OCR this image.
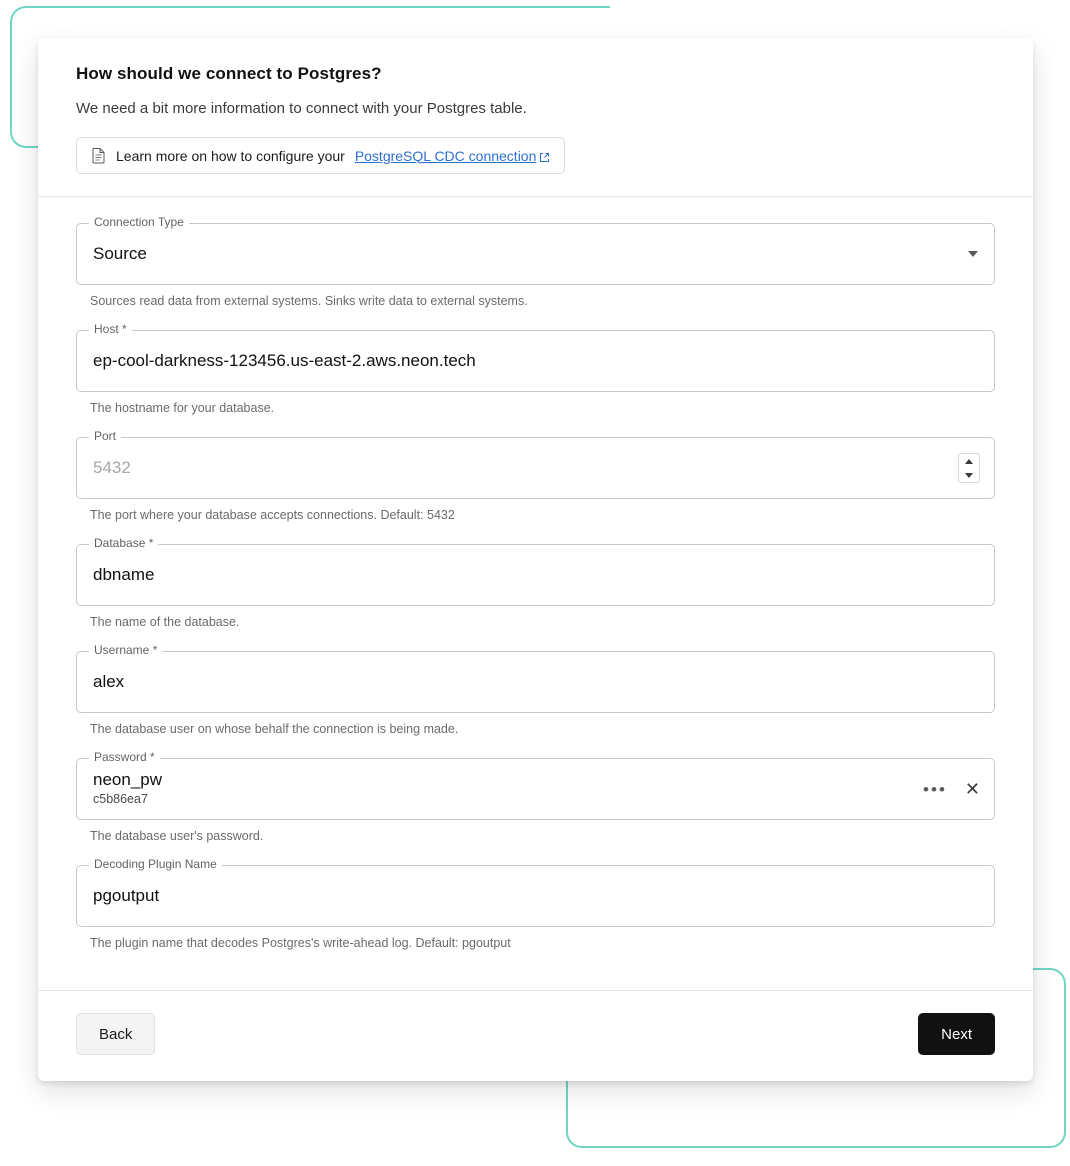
How should we connect to Postgres?

We need a bit more information to connect with your Postgres table.

Learn more on how to configure your PostgreSQL CDC connection
Connection Type
Source
Sources read data from external systems. Sinks write data to external systems.
Host *
ep-cool-darkness-123456.us-east-2.aws.neon.tech
The hostname for your database.
Port
5432
The port where your database accepts connections. Default: 5432
Database *
dbname
The name of the database.
Username *
alex
The database user on whose behalf the connection is being made.
Password *
neon_pw
c5b86ea7
••• ✕
The database user's password.
Decoding Plugin Name
pgoutput
The plugin name that decodes Postgres's write-ahead log. Default: pgoutput
Back	Next
